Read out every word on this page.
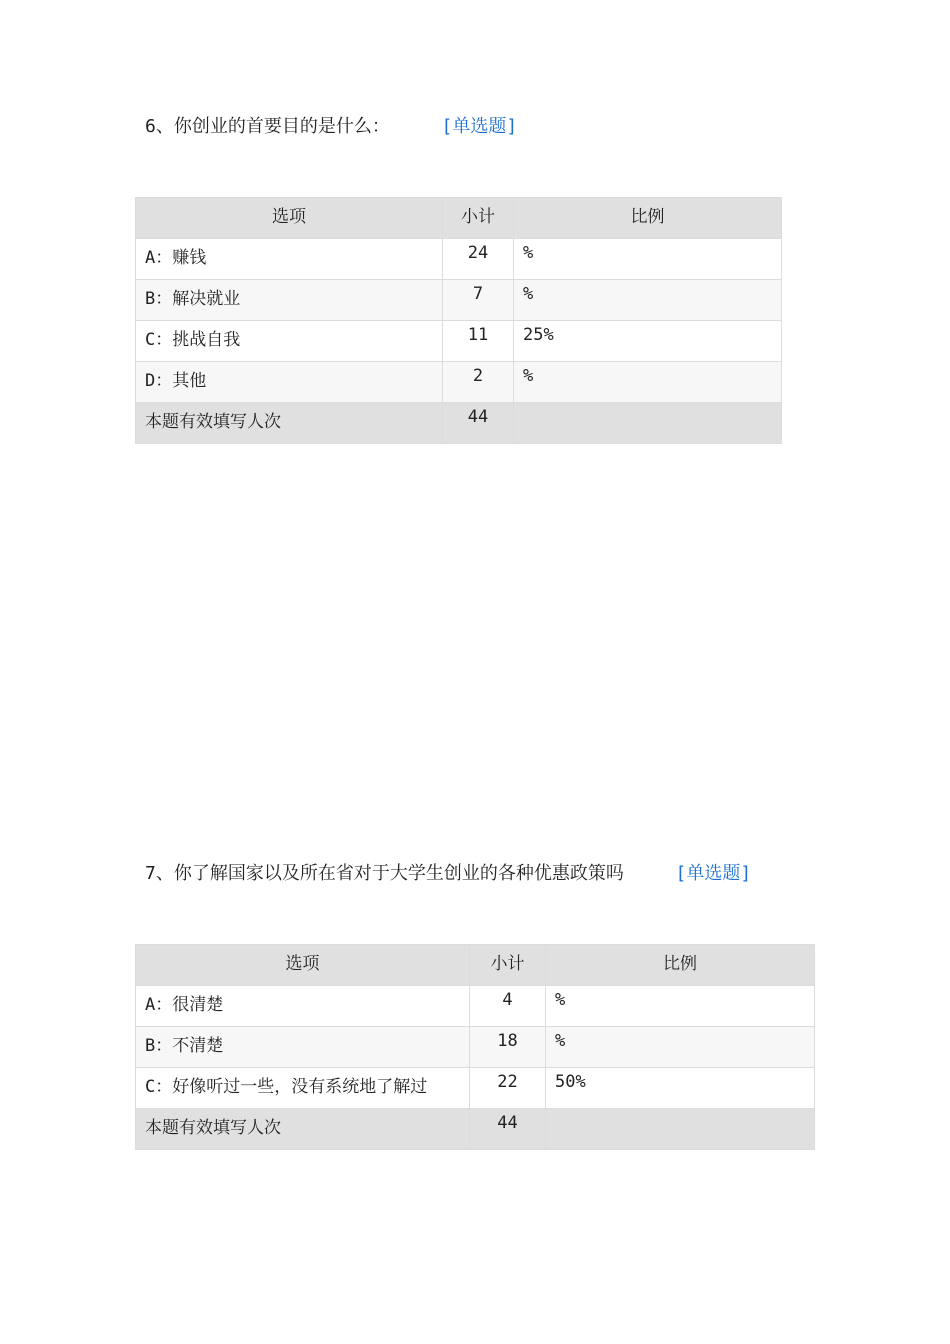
6、你创业的首要目的是什么：	[单选题]
选项	小计	比例
A：赚钱	24	%
B：解决就业	7	%
C：挑战自我	11	25%
D：其他	2	%
本题有效填写人次	44	
7、你了解国家以及所在省对于大学生创业的各种优惠政策吗	[单选题]
选项	小计	比例
A：很清楚	4	%
B：不清楚	18	%
C：好像听过一些，没有系统地了解过	22	50%
本题有效填写人次	44	
